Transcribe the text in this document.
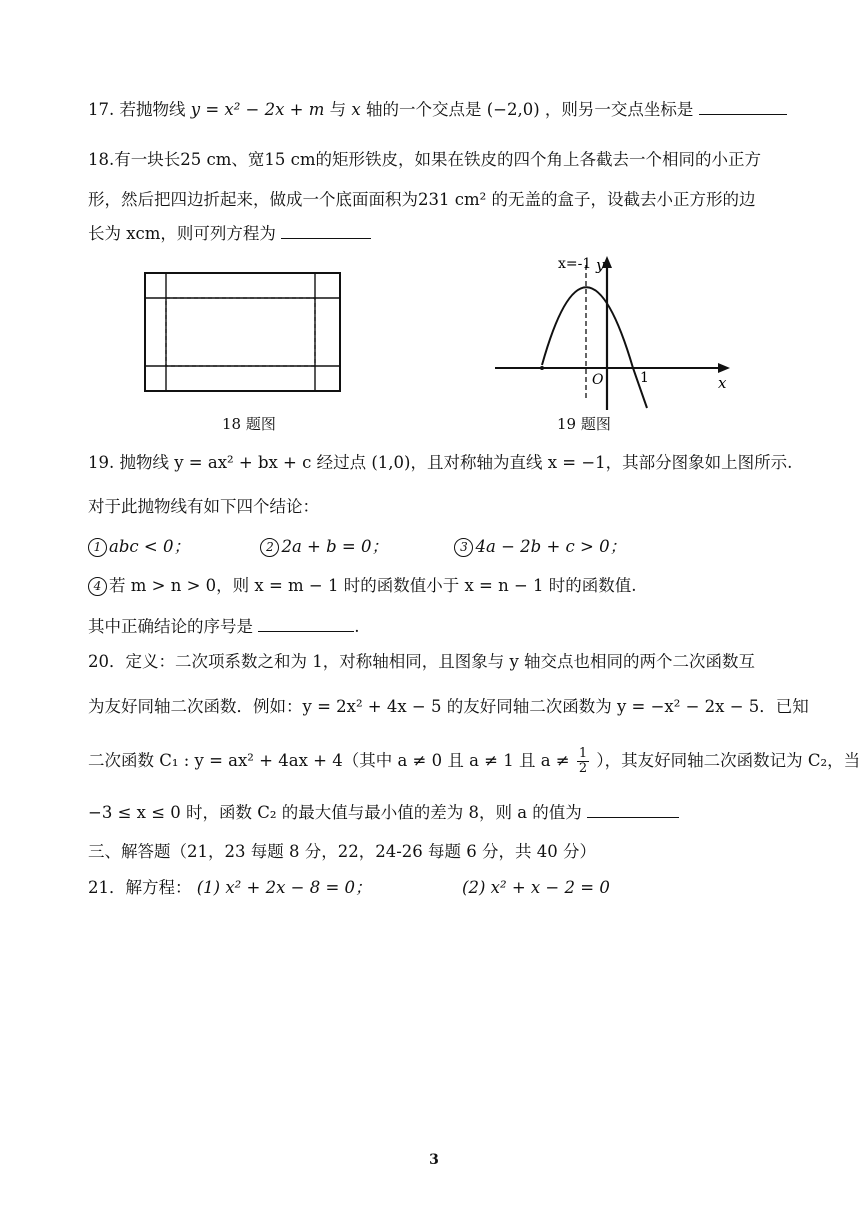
17. 若抛物线 y = x² − 2x + m 与 x 轴的一个交点是 (−2,0) ，则另一交点坐标是
18.有一块长25 cm、宽15 cm的矩形铁皮，如果在铁皮的四个角上各截去一个相同的小正方
形，然后把四边折起来，做成一个底面面积为231 cm² 的无盖的盒子，设截去小正方形的边
长为 xcm，则可列方程为
x=-1 y
x
O	1
18 题图	19 题图
19. 抛物线 y = ax² + bx + c 经过点 (1,0)，且对称轴为直线 x = −1，其部分图象如上图所示.
对于此抛物线有如下四个结论：
1 abc < 0；	2 2a + b = 0；	3 4a − 2b + c > 0；
4 若 m > n > 0，则 x = m − 1 时的函数值小于 x = n − 1 时的函数值.
其中正确结论的序号是	.
20．定义：二次项系数之和为 1，对称轴相同，且图象与 y 轴交点也相同的两个二次函数互
为友好同轴二次函数．例如：y = 2x² + 4x − 5 的友好同轴二次函数为 y = −x² − 2x − 5．已知
二次函数 C₁ : y = ax² + 4ax + 4（其中 a ≠ 0 且 a ≠ 1 且 $a \ne \frac{1}{2}$ ），其友好同轴二次函数记为 C₂，当
−3 ≤ x ≤ 0 时，函数 C₂ 的最大值与最小值的差为 8，则 a 的值为
三、解答题（21，23 每题 8 分，22，24-26 每题 6 分，共 40 分）
21．解方程： (1) x² + 2x − 8 = 0；	(2) x² + x − 2 = 0
3
